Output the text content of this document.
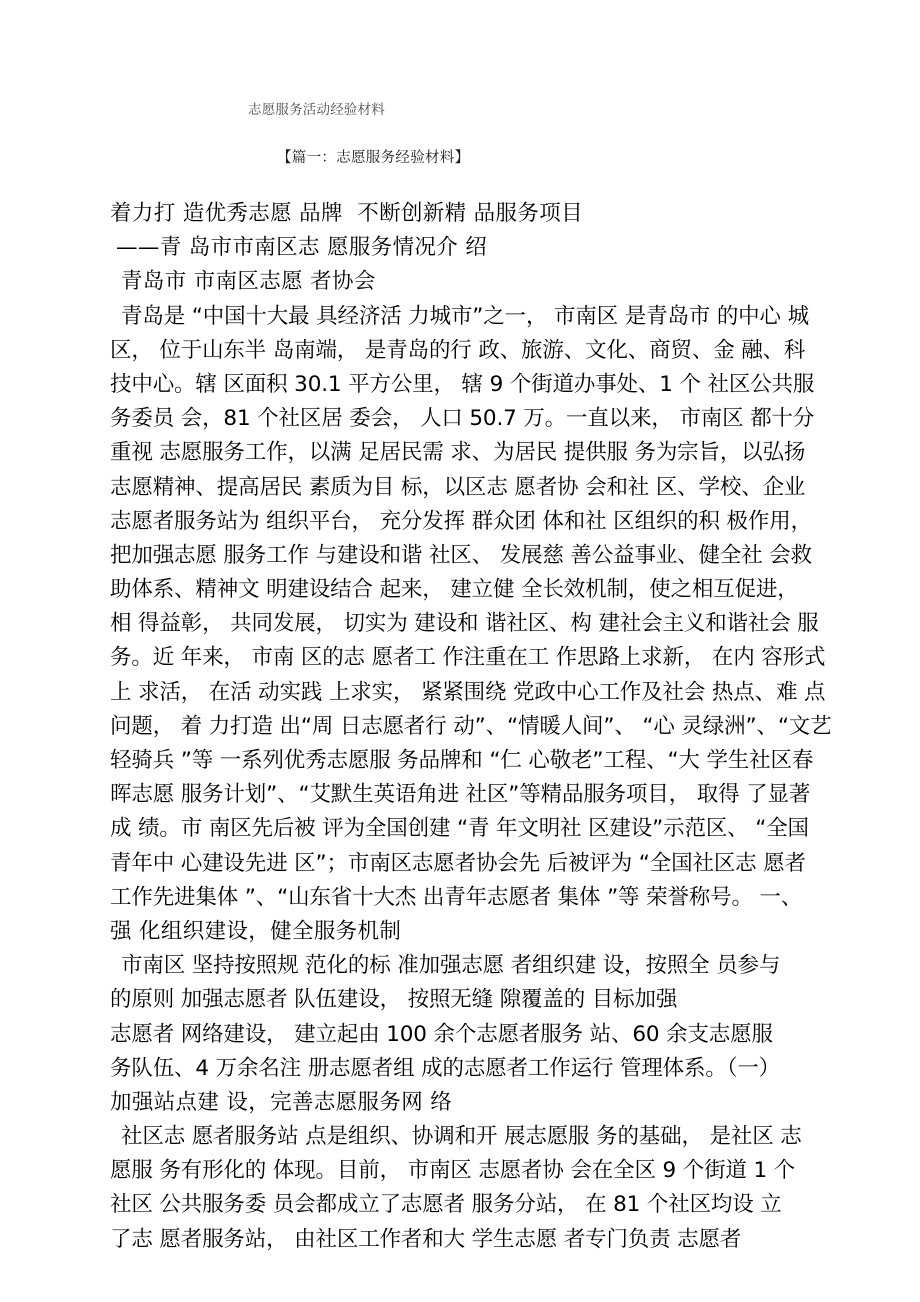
志愿服务活动经验材料
【篇一：志愿服务经验材料】
着力打 造优秀志愿 品牌  不断创新精 品服务项目
——青 岛市市南区志 愿服务情况介 绍
青岛市 市南区志愿 者协会
青岛是 “中国十大最 具经济活 力城市”之一， 市南区 是青岛市 的中心 城
区， 位于山东半 岛南端， 是青岛的行 政、旅游、文化、商贸、金 融、科
技中心。辖 区面积 30.1 平方公里， 辖 9 个街道办事处、1 个 社区公共服
务委员 会，81 个社区居 委会， 人口 50.7 万。一直以来， 市南区 都十分
重视 志愿服务工作，以满 足居民需 求、为居民 提供服 务为宗旨，以弘扬
志愿精神、提高居民 素质为目 标，以区志 愿者协 会和社 区、学校、企业
志愿者服务站为 组织平台， 充分发挥 群众团 体和社 区组织的积 极作用，
把加强志愿 服务工作 与建设和谐 社区、 发展慈 善公益事业、健全社 会救
助体系、精神文 明建设结合 起来， 建立健 全长效机制，使之相互促进，
相 得益彰， 共同发展， 切实为 建设和 谐社区、构 建社会主义和谐社会 服
务。近 年来， 市南 区的志 愿者工 作注重在工 作思路上求新， 在内 容形式
上 求活， 在活 动实践 上求实， 紧紧围绕 党政中心工作及社会 热点、难 点
问题， 着 力打造 出“周 日志愿者行 动”、“情暖人间”、 “心 灵绿洲”、“文艺
轻骑兵 ”等 一系列优秀志愿服 务品牌和 “仁 心敬老”工程、“大 学生社区春
晖志愿 服务计划”、“艾默生英语角进 社区”等精品服务项目， 取得 了显著
成 绩。市 南区先后被 评为全国创建 “青 年文明社 区建设”示范区、 “全国
青年中 心建设先进 区”；市南区志愿者协会先 后被评为 “全国社区志 愿者
工作先进集体 ”、“山东省十大杰 出青年志愿者 集体 ”等 荣誉称号。 一、
强 化组织建设，健全服务机制
市南区 坚持按照规 范化的标 准加强志愿 者组织建 设，按照全 员参与
的原则 加强志愿者 队伍建设， 按照无缝 隙覆盖的 目标加强
志愿者 网络建设， 建立起由 100 余个志愿者服务 站、60 余支志愿服
务队伍、4 万余名注 册志愿者组 成的志愿者工作运行 管理体系。（一）
加强站点建 设，完善志愿服务网 络
社区志 愿者服务站 点是组织、协调和开 展志愿服 务的基础， 是社区 志
愿服 务有形化的 体现。目前， 市南区 志愿者协 会在全区 9 个街道 1 个
社区 公共服务委 员会都成立了志愿者 服务分站， 在 81 个社区均设 立
了志 愿者服务站， 由社区工作者和大 学生志愿 者专门负责 志愿者
